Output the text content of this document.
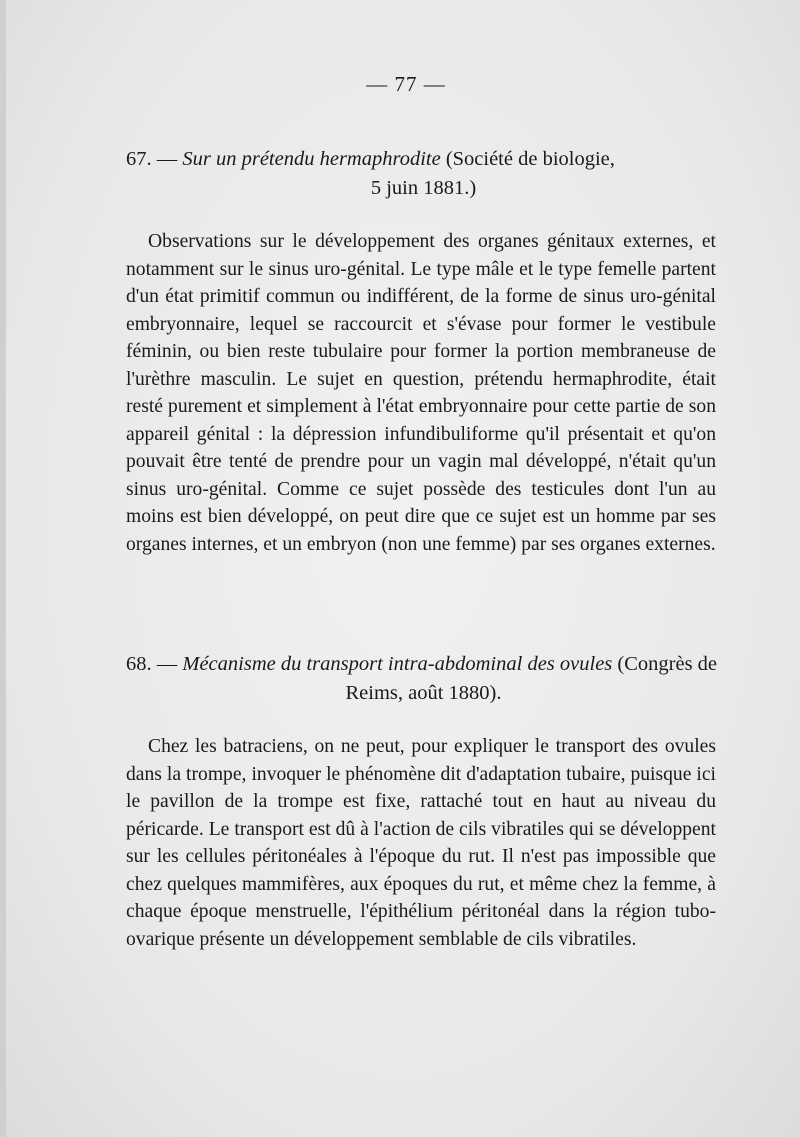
— 77 —
67. — Sur un prétendu hermaphrodite (Société de biologie,
5 juin 1881.)

Observations sur le développement des organes génitaux externes, et notamment sur le sinus uro-génital. Le type mâle et le type femelle partent d'un état primitif commun ou indifférent, de la forme de sinus uro-génital embryonnaire, lequel se raccourcit et s'évase pour former le vestibule féminin, ou bien reste tubulaire pour former la portion membraneuse de l'urèthre masculin. Le sujet en question, prétendu hermaphrodite, était resté purement et simplement à l'état embryonnaire pour cette partie de son appareil génital : la dépression infundibuliforme qu'il présentait et qu'on pouvait être tenté de prendre pour un vagin mal développé, n'était qu'un sinus uro-génital. Comme ce sujet possède des testicules dont l'un au moins est bien développé, on peut dire que ce sujet est un homme par ses organes internes, et un embryon (non une femme) par ses organes externes.

68. — Mécanisme du transport intra-abdominal des ovules (Congrès de
Reims, août 1880).

Chez les batraciens, on ne peut, pour expliquer le transport des ovules dans la trompe, invoquer le phénomène dit d'adaptation tubaire, puisque ici le pavillon de la trompe est fixe, rattaché tout en haut au niveau du péricarde. Le transport est dû à l'action de cils vibratiles qui se développent sur les cellules péritonéales à l'époque du rut. Il n'est pas impossible que chez quelques mammifères, aux époques du rut, et même chez la femme, à chaque époque menstruelle, l'épithélium péritonéal dans la région tubo-ovarique présente un développement semblable de cils vibratiles.
